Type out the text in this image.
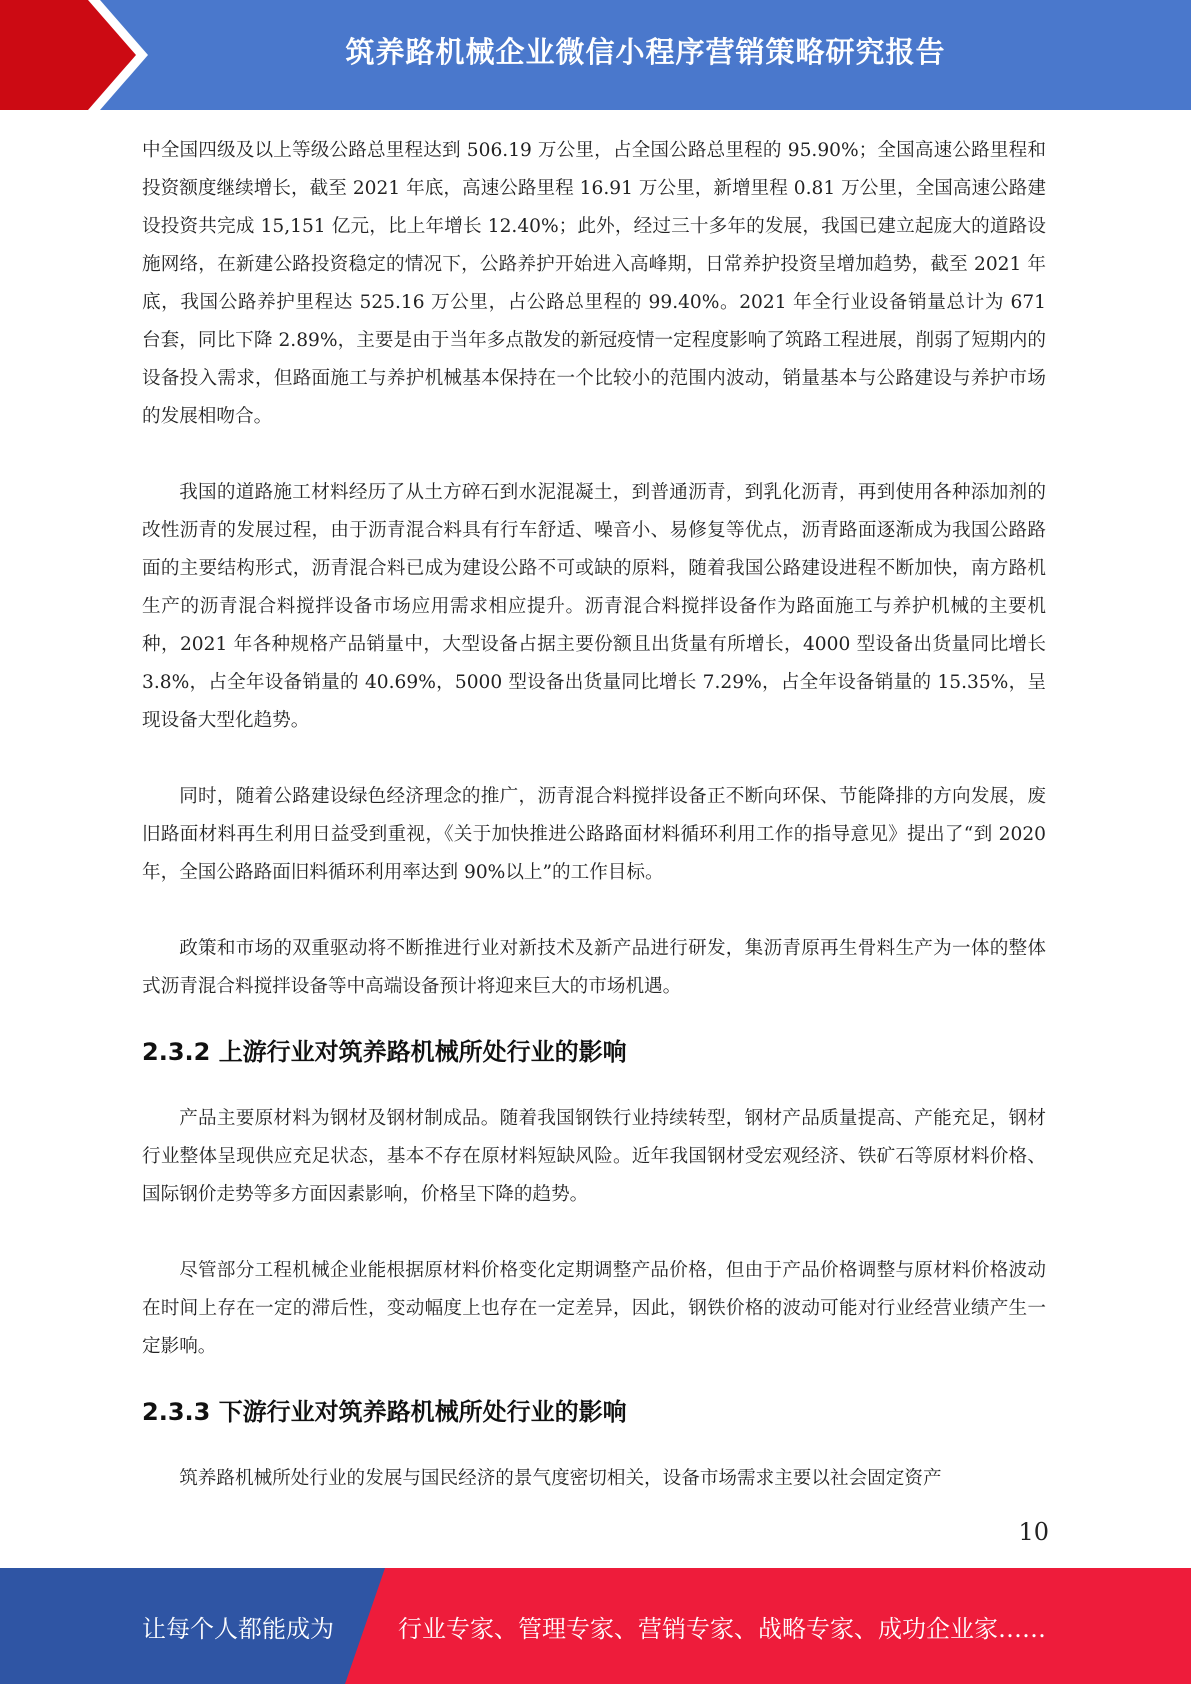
筑养路机械企业微信小程序营销策略研究报告

中全国四级及以上等级公路总里程达到 506.19 万公里，占全国公路总里程的 95.90%；全国高速公路里程和投资额度继续增长，截至 2021 年底，高速公路里程 16.91 万公里，新增里程 0.81 万公里，全国高速公路建设投资共完成 15,151 亿元，比上年增长 12.40%；此外，经过三十多年的发展，我国已建立起庞大的道路设施网络，在新建公路投资稳定的情况下，公路养护开始进入高峰期，日常养护投资呈增加趋势，截至 2021 年底，我国公路养护里程达 525.16 万公里，占公路总里程的 99.40%。2021 年全行业设备销量总计为 671 台套，同比下降 2.89%，主要是由于当年多点散发的新冠疫情一定程度影响了筑路工程进展，削弱了短期内的设备投入需求，但路面施工与养护机械基本保持在一个比较小的范围内波动，销量基本与公路建设与养护市场的发展相吻合。

我国的道路施工材料经历了从土方碎石到水泥混凝土，到普通沥青，到乳化沥青，再到使用各种添加剂的改性沥青的发展过程，由于沥青混合料具有行车舒适、噪音小、易修复等优点，沥青路面逐渐成为我国公路路面的主要结构形式，沥青混合料已成为建设公路不可或缺的原料，随着我国公路建设进程不断加快，南方路机生产的沥青混合料搅拌设备市场应用需求相应提升。沥青混合料搅拌设备作为路面施工与养护机械的主要机种，2021 年各种规格产品销量中，大型设备占据主要份额且出货量有所增长，4000 型设备出货量同比增长 3.8%，占全年设备销量的 40.69%，5000 型设备出货量同比增长 7.29%，占全年设备销量的 15.35%，呈现设备大型化趋势。

同时，随着公路建设绿色经济理念的推广，沥青混合料搅拌设备正不断向环保、节能降排的方向发展，废旧路面材料再生利用日益受到重视，《关于加快推进公路路面材料循环利用工作的指导意见》提出了“到 2020 年，全国公路路面旧料循环利用率达到 90%以上”的工作目标。

政策和市场的双重驱动将不断推进行业对新技术及新产品进行研发，集沥青原再生骨料生产为一体的整体式沥青混合料搅拌设备等中高端设备预计将迎来巨大的市场机遇。

2.3.2 上游行业对筑养路机械所处行业的影响

产品主要原材料为钢材及钢材制成品。随着我国钢铁行业持续转型，钢材产品质量提高、产能充足，钢材行业整体呈现供应充足状态，基本不存在原材料短缺风险。近年我国钢材受宏观经济、铁矿石等原材料价格、国际钢价走势等多方面因素影响，价格呈下降的趋势。

尽管部分工程机械企业能根据原材料价格变化定期调整产品价格，但由于产品价格调整与原材料价格波动在时间上存在一定的滞后性，变动幅度上也存在一定差异，因此，钢铁价格的波动可能对行业经营业绩产生一定影响。

2.3.3 下游行业对筑养路机械所处行业的影响

筑养路机械所处行业的发展与国民经济的景气度密切相关，设备市场需求主要以社会固定资产

10
让每个人都能成为	行业专家、管理专家、营销专家、战略专家、成功企业家……
